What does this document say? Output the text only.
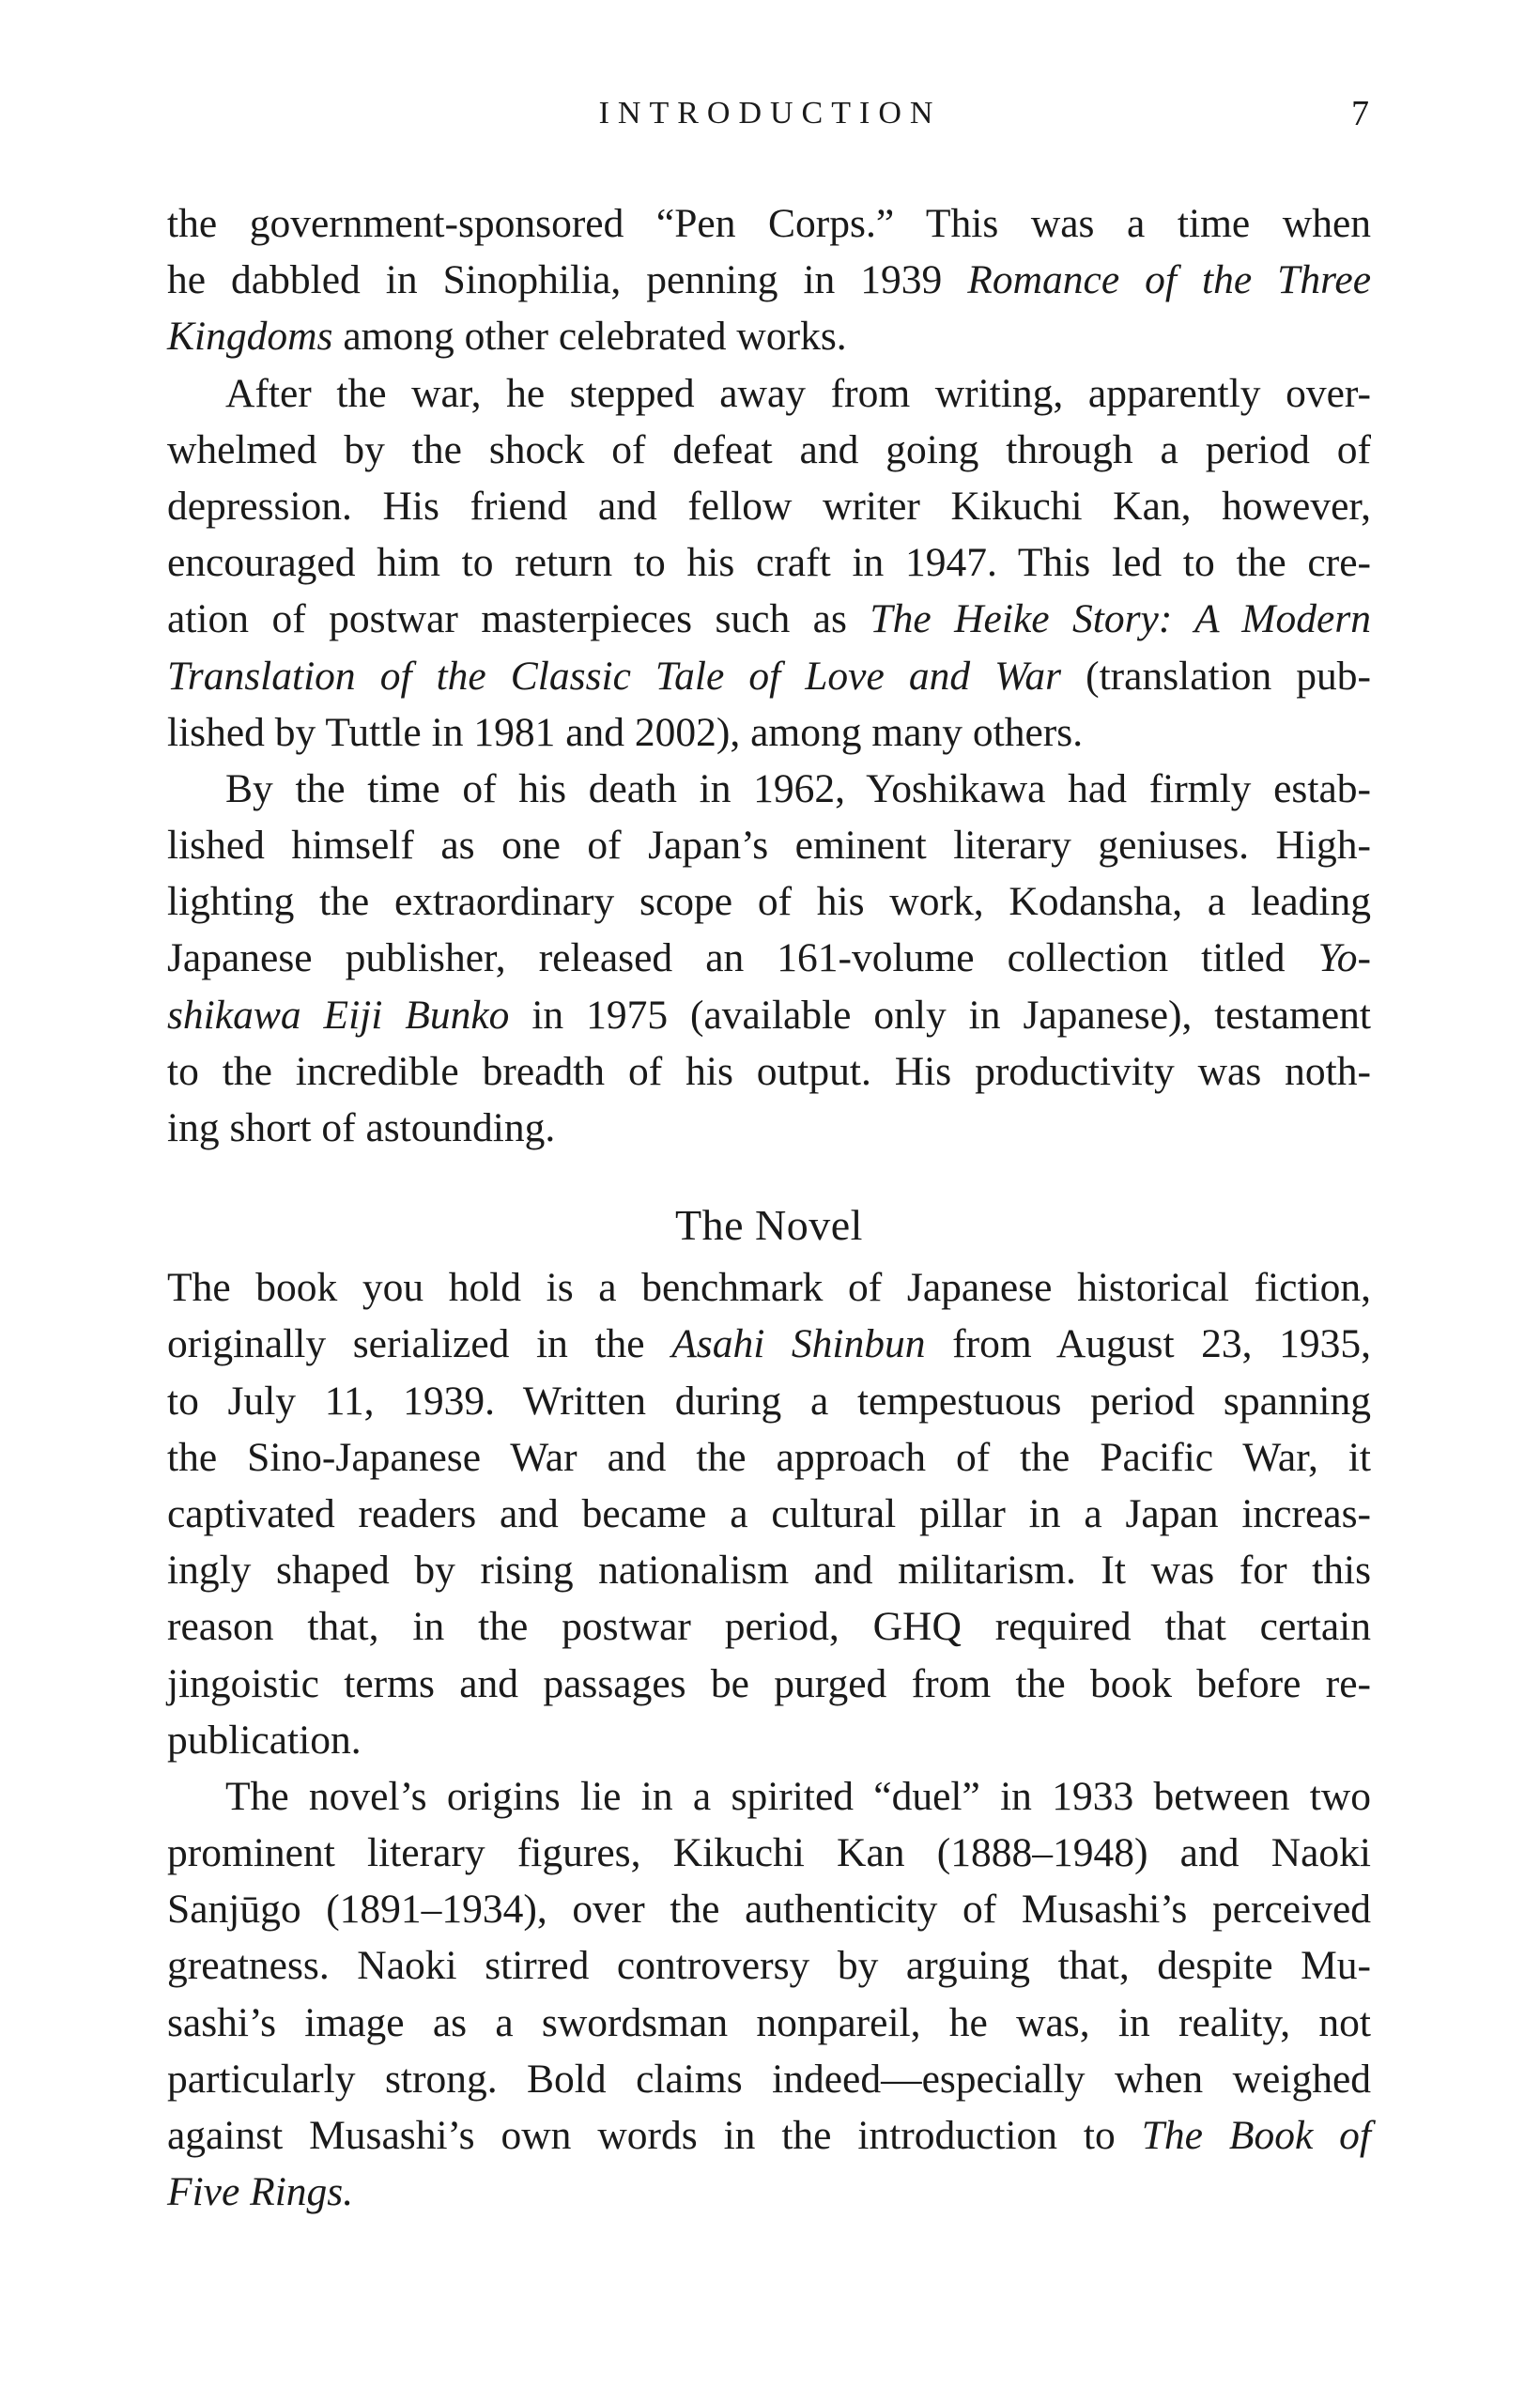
INTRODUCTION	7
the government-sponsored “Pen Corps.” This was a time when
he dabbled in Sinophilia, penning in 1939 Romance of the Three
Kingdoms among other celebrated works.
After the war, he stepped away from writing, apparently over-
whelmed by the shock of defeat and going through a period of
depression. His friend and fellow writer Kikuchi Kan, however,
encouraged him to return to his craft in 1947. This led to the cre-
ation of postwar masterpieces such as The Heike Story: A Modern
Translation of the Classic Tale of Love and War (translation pub-
lished by Tuttle in 1981 and 2002), among many others.
By the time of his death in 1962, Yoshikawa had firmly estab-
lished himself as one of Japan’s eminent literary geniuses. High-
lighting the extraordinary scope of his work, Kodansha, a leading
Japanese publisher, released an 161-volume collection titled Yo-
shikawa Eiji Bunko in 1975 (available only in Japanese), testament
to the incredible breadth of his output. His productivity was noth-
ing short of astounding.
The Novel
The book you hold is a benchmark of Japanese historical fiction,
originally serialized in the Asahi Shinbun from August 23, 1935,
to July 11, 1939. Written during a tempestuous period spanning
the Sino-Japanese War and the approach of the Pacific War, it
captivated readers and became a cultural pillar in a Japan increas-
ingly shaped by rising nationalism and militarism. It was for this
reason that, in the postwar period, GHQ required that certain
jingoistic terms and passages be purged from the book before re-
publication.
The novel’s origins lie in a spirited “duel” in 1933 between two
prominent literary figures, Kikuchi Kan (1888–1948) and Naoki
Sanjūgo (1891–1934), over the authenticity of Musashi’s perceived
greatness. Naoki stirred controversy by arguing that, despite Mu-
sashi’s image as a swordsman nonpareil, he was, in reality, not
particularly strong. Bold claims indeed—especially when weighed
against Musashi’s own words in the introduction to The Book of
Five Rings.
